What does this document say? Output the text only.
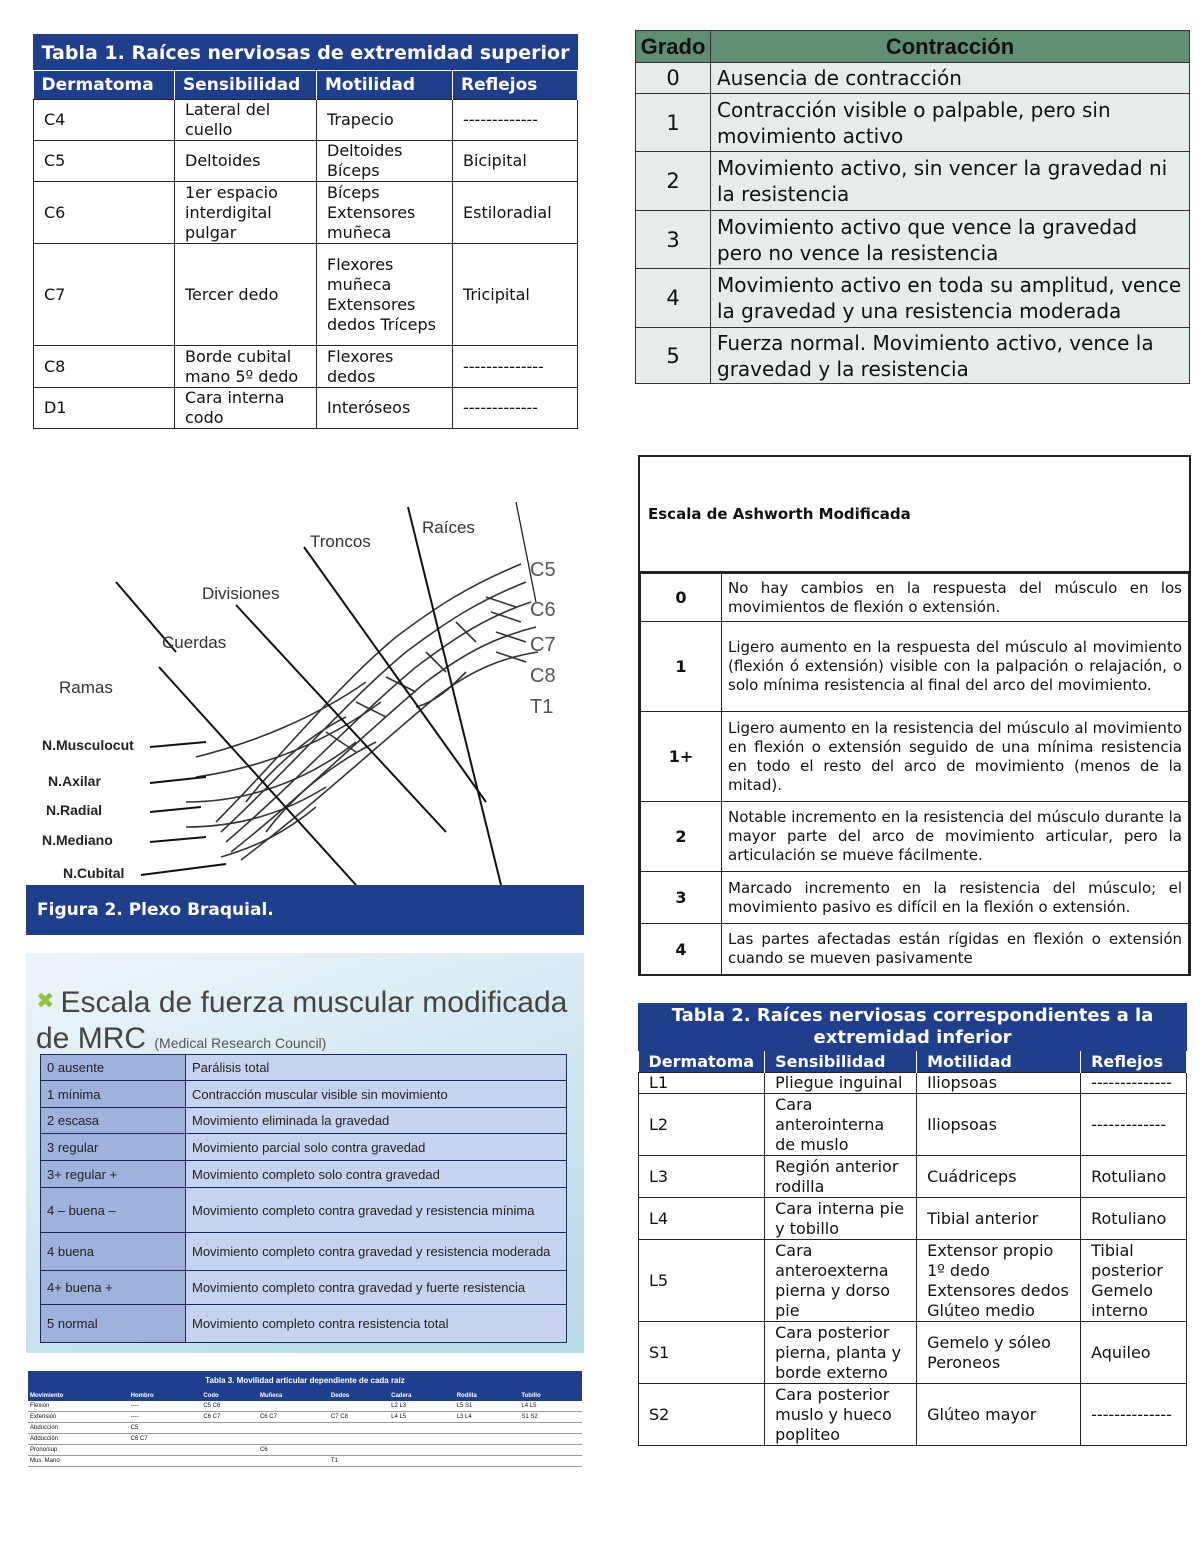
Tabla 1. Raíces nerviosas de extremidad superior
Dermatoma	Sensibilidad	Motilidad	Reflejos
C4	Lateral del cuello	Trapecio	-------------
C5	Deltoides	Deltoides Bíceps	Bicipital
C6	1er espacio interdigital pulgar	Bíceps Extensores muñeca	Estiloradial
C7	Tercer dedo	Flexores muñeca Extensores dedos Tríceps	Tricipital
C8	Borde cubital mano 5º dedo	Flexores dedos	--------------
D1	Cara interna codo	Interóseos	-------------
Grado	Contracción
0	Ausencia de contracción
1	Contracción visible o palpable, pero sin movimiento activo
2	Movimiento activo, sin vencer la gravedad ni la resistencia
3	Movimiento activo que vence la gravedad pero no vence la resistencia
4	Movimiento activo en toda su amplitud, vence la gravedad y una resistencia moderada
5	Fuerza normal. Movimiento activo, vence la gravedad y la resistencia
Raíces
Troncos
Divisiones
Cuerdas
Ramas
C5
C6
C7
C8
T1
N.Musculocut
N.Axilar
N.Radial
N.Mediano
N.Cubital
Figura 2. Plexo Braquial.
✖ Escala de fuerza muscular modificada de MRC (Medical Research Council)
0 ausente	Parálisis total
1 mínima	Contracción muscular visible sin movimiento
2 escasa	Movimiento eliminada la gravedad
3 regular	Movimiento parcial solo contra gravedad
3+ regular +	Movimiento completo solo contra gravedad
4 – buena –	Movimiento completo contra gravedad y resistencia mínima
4 buena	Movimiento completo contra gravedad y resistencia moderada
4+ buena +	Movimiento completo contra gravedad y fuerte resistencia
5 normal	Movimiento completo contra resistencia total
Tabla 3. Movilidad articular dependiente de cada raíz
Movimiento	Hombro	Codo	Muñeca	Dedos	Cadera	Rodilla	Tobillo
Flexión	----	C5 C6			L2 L3	L5 S1	L4 L5
Extensión	----	C6 C7	C6 C7	C7 C8	L4 L5	L3 L4	S1 S2
Abducción	C5						
Adducción	C6 C7						
Prono/sup			C6				
Mus. Mano				T1			
Escala de Ashworth Modificada
0	No hay cambios en la respuesta del músculo en los movimientos de flexión o extensión.
1	Ligero aumento en la respuesta del músculo al movimiento (flexión ó extensión) visible con la palpación o relajación, o solo mínima resistencia al final del arco del movimiento.
1+	Ligero aumento en la resistencia del músculo al movimiento en flexión o extensión seguido de una mínima resistencia en todo el resto del arco de movimiento (menos de la mitad).
2	Notable incremento en la resistencia del músculo durante la mayor parte del arco de movimiento articular, pero la articulación se mueve fácilmente.
3	Marcado incremento en la resistencia del músculo; el movimiento pasivo es difícil en la flexión o extensión.
4	Las partes afectadas están rígidas en flexión o extensión cuando se mueven pasivamente
Tabla 2. Raíces nerviosas correspondientes a la extremidad inferior
Dermatoma	Sensibilidad	Motilidad	Reflejos
L1	Pliegue inguinal	Iliopsoas	--------------
L2	Cara anterointerna de muslo	Iliopsoas	-------------
L3	Región anterior rodilla	Cuádriceps	Rotuliano
L4	Cara interna pie y tobillo	Tibial anterior	Rotuliano
L5	Cara anteroexterna pierna y dorso pie	Extensor propio 1º dedo Extensores dedos Glúteo medio	Tibial posterior Gemelo interno
S1	Cara posterior pierna, planta y borde externo	Gemelo y sóleo Peroneos	Aquileo
S2	Cara posterior muslo y hueco popliteo	Glúteo mayor	--------------
